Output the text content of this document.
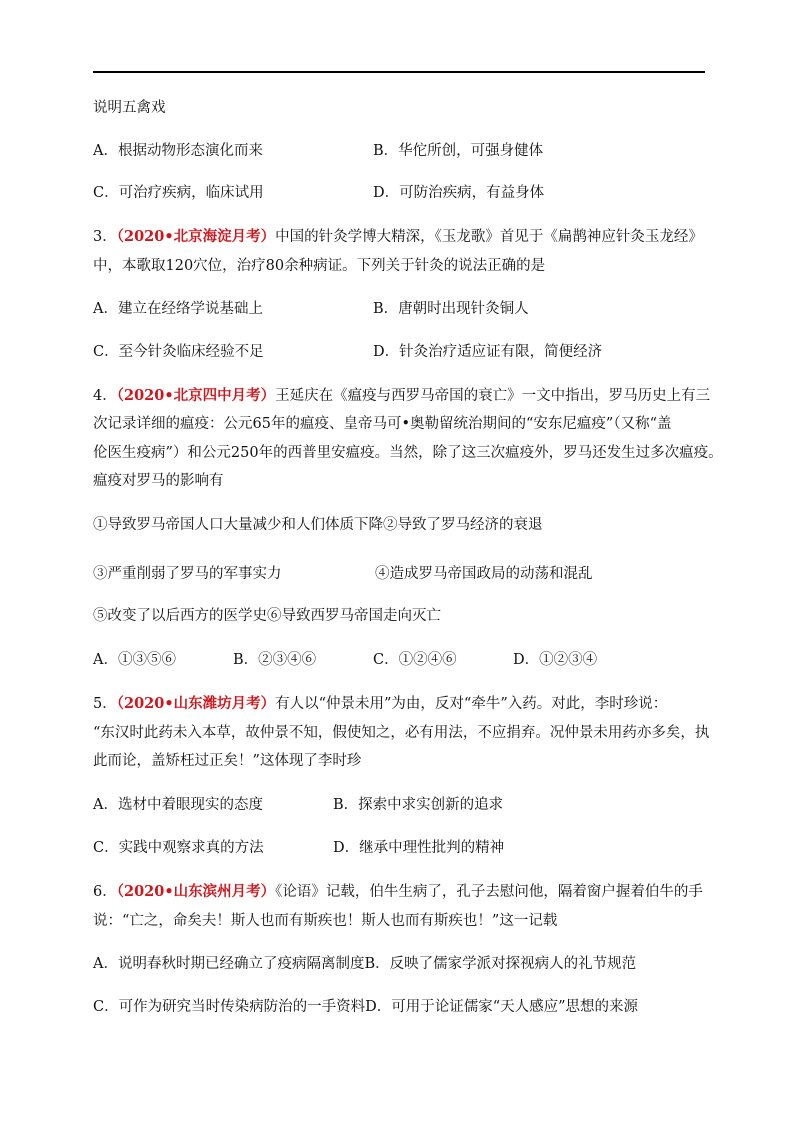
说明五禽戏
A．根据动物形态演化而来	B．华佗所创，可强身健体
C．可治疗疾病，临床试用	D．可防治疾病，有益身体
3．（2020•北京海淀月考）中国的针灸学博大精深，《玉龙歌》首见于《扁鹊神应针灸玉龙经》
中，本歌取120穴位，治疗80余种病证。下列关于针灸的说法正确的是
A．建立在经络学说基础上	B．唐朝时出现针灸铜人
C．至今针灸临床经验不足	D．针灸治疗适应证有限，简便经济
4．（2020•北京四中月考）王延庆在《瘟疫与西罗马帝国的衰亡》一文中指出，罗马历史上有三
次记录详细的瘟疫：公元65年的瘟疫、皇帝马可•奥勒留统治期间的“安东尼瘟疫”（又称“盖
伦医生疫病”）和公元250年的西普里安瘟疫。当然，除了这三次瘟疫外，罗马还发生过多次瘟疫。
瘟疫对罗马的影响有
①导致罗马帝国人口大量减少和人们体质下降②导致了罗马经济的衰退
③严重削弱了罗马的军事实力	④造成罗马帝国政局的动荡和混乱
⑤改变了以后西方的医学史⑥导致西罗马帝国走向灭亡
A．①③⑤⑥	B．②③④⑥	C．①②④⑥	D．①②③④
5．（2020•山东潍坊月考）有人以“仲景未用”为由，反对“牵牛”入药。对此，李时珍说：
“东汉时此药未入本草，故仲景不知，假使知之，必有用法，不应捐弃。况仲景未用药亦多矣，执
此而论，盖矫枉过正矣！”这体现了李时珍
A．选材中着眼现实的态度	B．探索中求实创新的追求
C．实践中观察求真的方法	D．继承中理性批判的精神
6．（2020•山东滨州月考）《论语》记载，伯牛生病了，孔子去慰问他，隔着窗户握着伯牛的手
说：“亡之，命矣夫！斯人也而有斯疾也！斯人也而有斯疾也！”这一记载
A．说明春秋时期已经确立了疫病隔离制度B．反映了儒家学派对探视病人的礼节规范
C．可作为研究当时传染病防治的一手资料D．可用于论证儒家“天人感应”思想的来源
